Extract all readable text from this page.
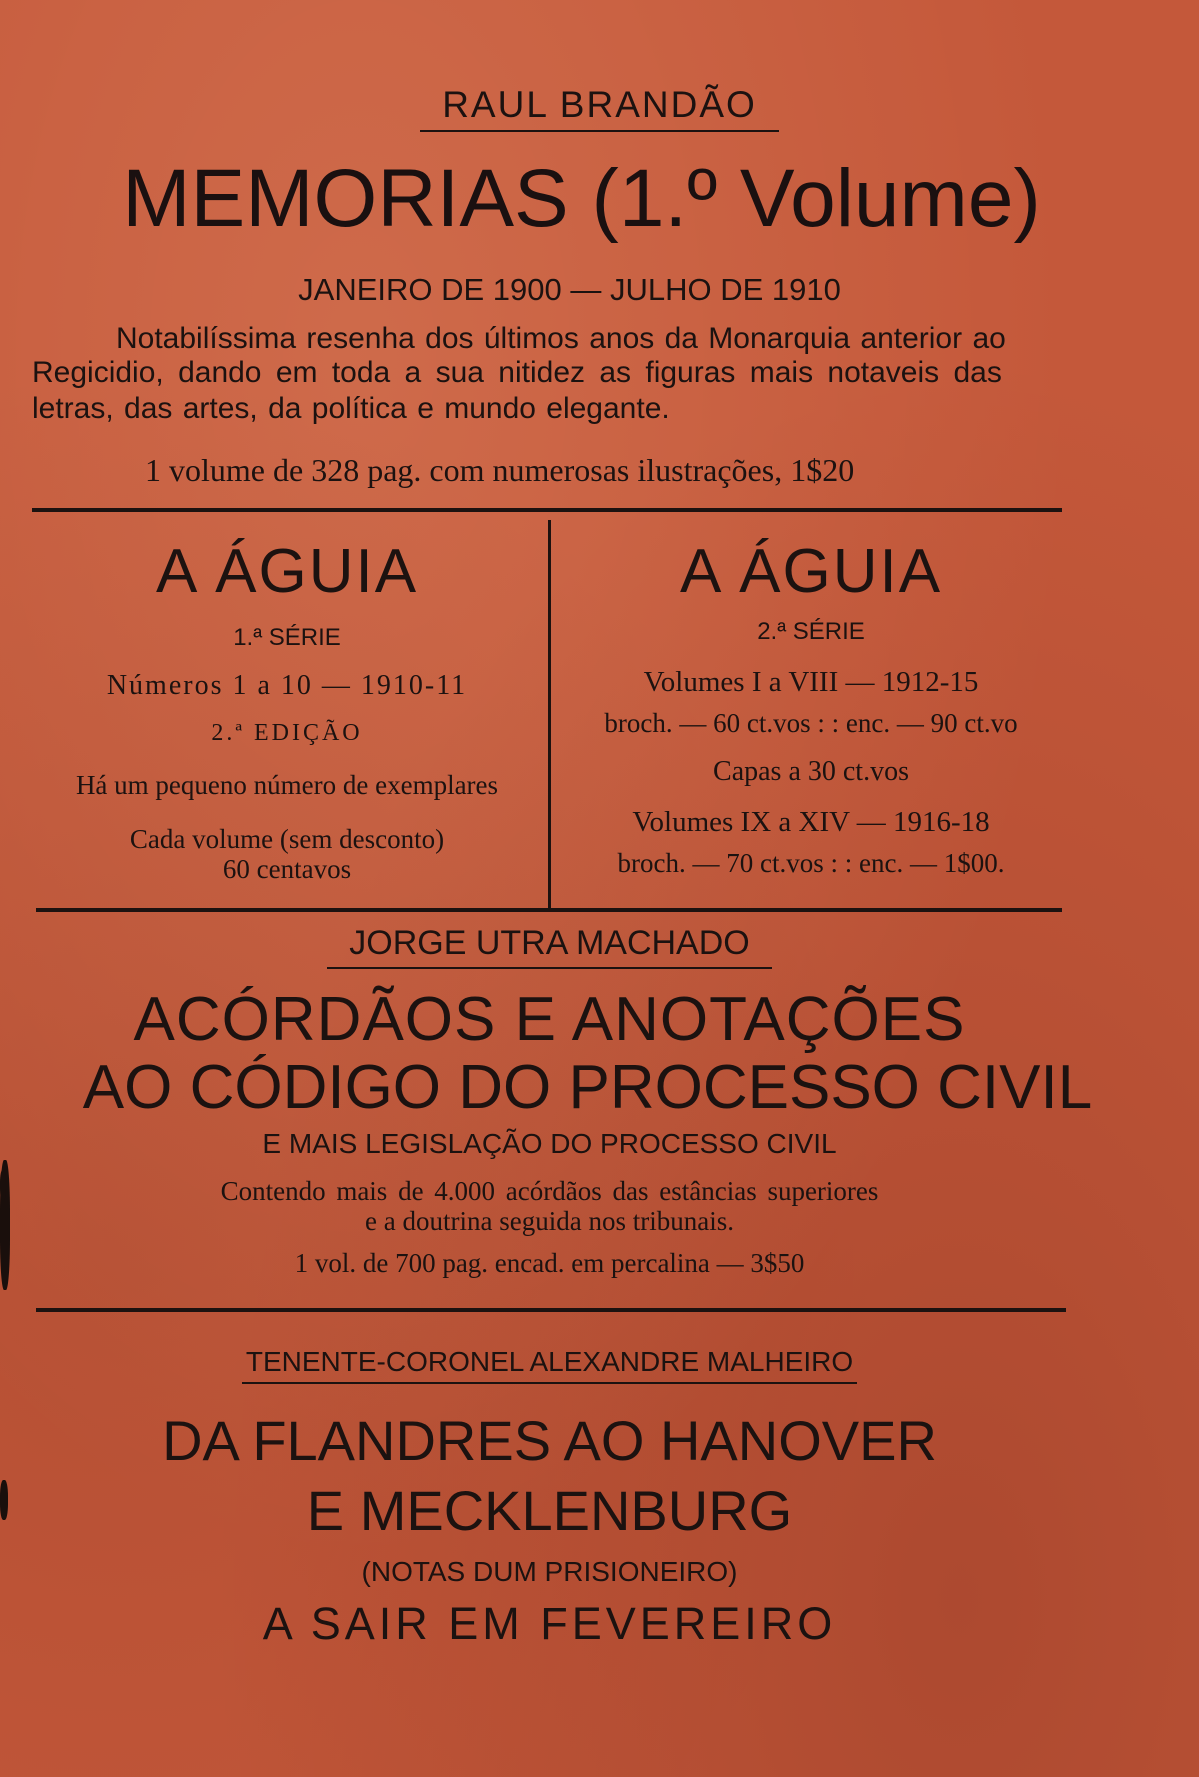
RAUL BRANDÃO
MEMORIAS (1.º Volume)
JANEIRO DE 1900 — JULHO DE 1910
Notabilíssima resenha dos últimos anos da Monarquia anterior ao
Regicidio, dando em toda a sua nitidez as figuras mais notaveis das
letras, das artes, da política e mundo elegante.
1 volume de 328 pag. com numerosas ilustrações, 1$20
A ÁGUIA
1.ª SÉRIE
Números 1 a 10 — 1910-11
2.ª EDIÇÃO
Há um pequeno número de exemplares
Cada volume (sem desconto)
60 centavos
A ÁGUIA
2.ª SÉRIE
Volumes I a VIII — 1912-15
broch. — 60 ct.vos : : enc. — 90 ct.vo
Capas a 30 ct.vos
Volumes IX a XIV — 1916-18
broch. — 70 ct.vos : : enc. — 1$00.
JORGE UTRA MACHADO
ACÓRDÃOS E ANOTAÇÕES
AO CÓDIGO DO PROCESSO CIVIL
E MAIS LEGISLAÇÃO DO PROCESSO CIVIL
Contendo mais de 4.000 acórdãos das estâncias superiores
e a doutrina seguida nos tribunais.
1 vol. de 700 pag. encad. em percalina — 3$50
TENENTE-CORONEL ALEXANDRE MALHEIRO
DA FLANDRES AO HANOVER
E MECKLENBURG
(NOTAS DUM PRISIONEIRO)
A SAIR EM FEVEREIRO
